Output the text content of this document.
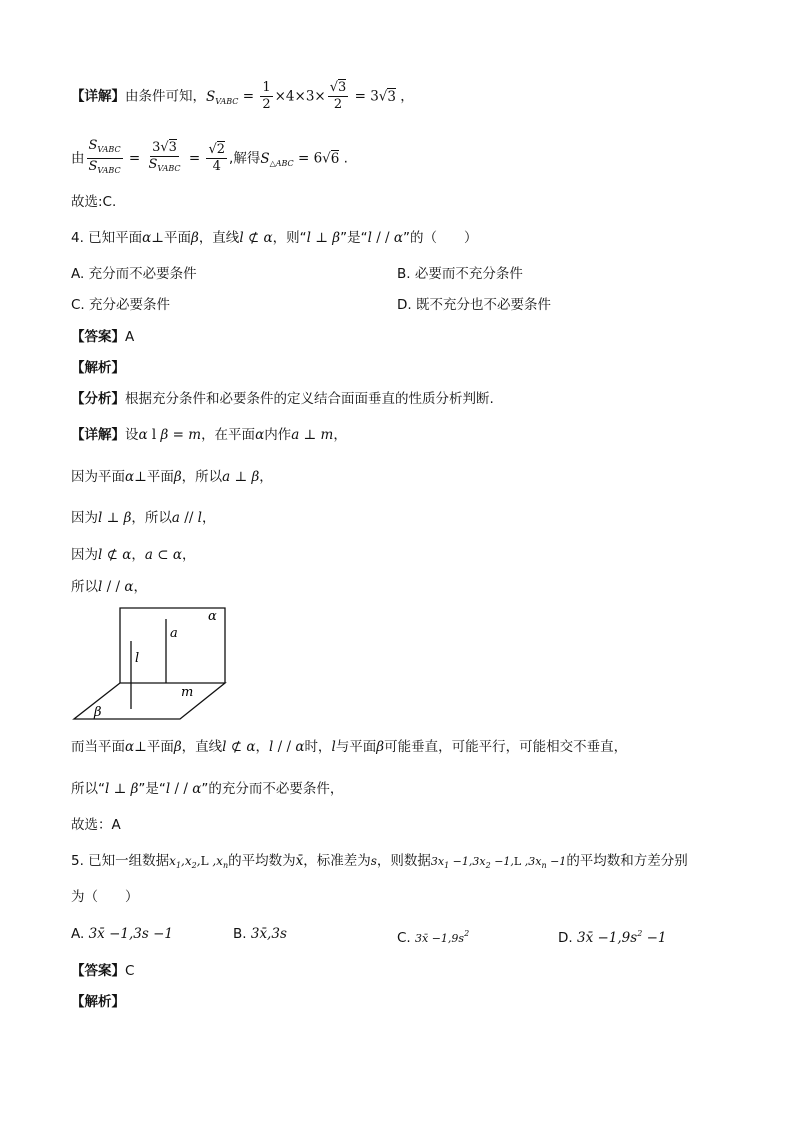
【详解】由条件可知，$S_{VABC} = \frac{1}{2} \times 4\times 3\times \frac{√3}{2} = 3√3$ ，
由 $\frac{S_{VABC}}{S_{VABC}} = \frac{3√3}{S_{VABC}} = \frac{√2}{4}$ ,解得$S_{\triangle ABC} = 6√6$ .
故选:C.
4. 已知平面α⊥平面β，直线l ⊄ α，则“l ⊥ β”是“l / / α”的（　　）
A. 充分而不必要条件	B. 必要而不充分条件
C. 充分必要条件	D. 既不充分也不必要条件
【答案】A
【解析】
【分析】根据充分条件和必要条件的定义结合面面垂直的性质分析判断.
【详解】设α l β = m，在平面α内作a ⊥ m，
因为平面α⊥平面β，所以a ⊥ β，
因为l ⊥ β，所以a // l，
因为l ⊄ α，a ⊂ α，
所以l / / α，
α
a
l
m
β
而当平面α⊥平面β，直线l ⊄ α，l / / α时，l与平面β可能垂直，可能平行，可能相交不垂直，
所以“l ⊥ β”是“l / / α”的充分而不必要条件，
故选：A
5. 已知一组数据$x_1,x_2,L$ $,x_n$的平均数为x̄，标准差为s，则数据$3x_1 -1,3x_2 -1,L$ $,3x_n -1$的平均数和方差分别
为（　　）
A. 3x̄ −1,3s −1	B. 3x̄,3s	C. 3x̄ $-1,9s^2$	D. 3x̄ $-1,9s^2 -1$
【答案】C
【解析】
